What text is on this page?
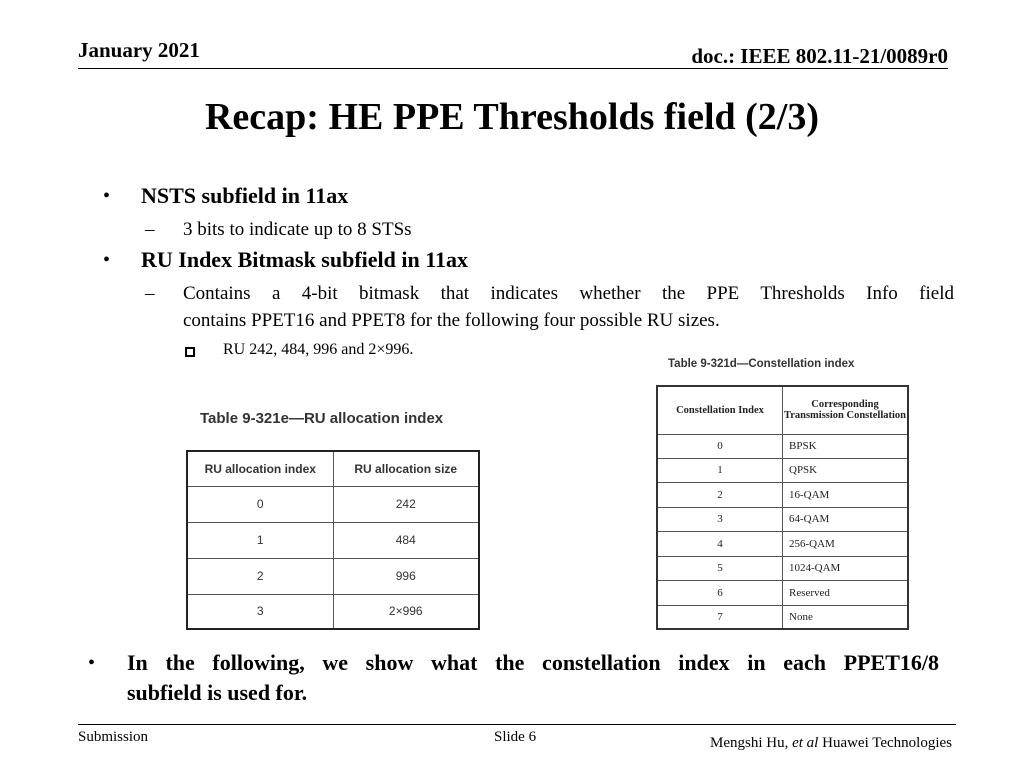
January 2021	doc.: IEEE 802.11-21/0089r0
Recap: HE PPE Thresholds field (2/3)
• NSTS subfield in 11ax
– 3 bits to indicate up to 8 STSs
• RU Index Bitmask subfield in 11ax
– Contains a 4-bit bitmask that indicates whether the PPE Thresholds Info field
contains PPET16 and PPET8 for the following four possible RU sizes.
RU 242, 484, 996 and 2×996.
Table 9-321e—RU allocation index
RU allocation index	RU allocation size
0	242
1	484
2	996
3	2×996
Table 9-321d—Constellation index
Constellation Index	Corresponding Transmission Constellation
0	BPSK
1	QPSK
2	16-QAM
3	64-QAM
4	256-QAM
5	1024-QAM
6	Reserved
7	None
• In the following, we show what the constellation index in each PPET16/8
subfield is used for.
Submission	Slide 6	Mengshi Hu, et al Huawei Technologies
